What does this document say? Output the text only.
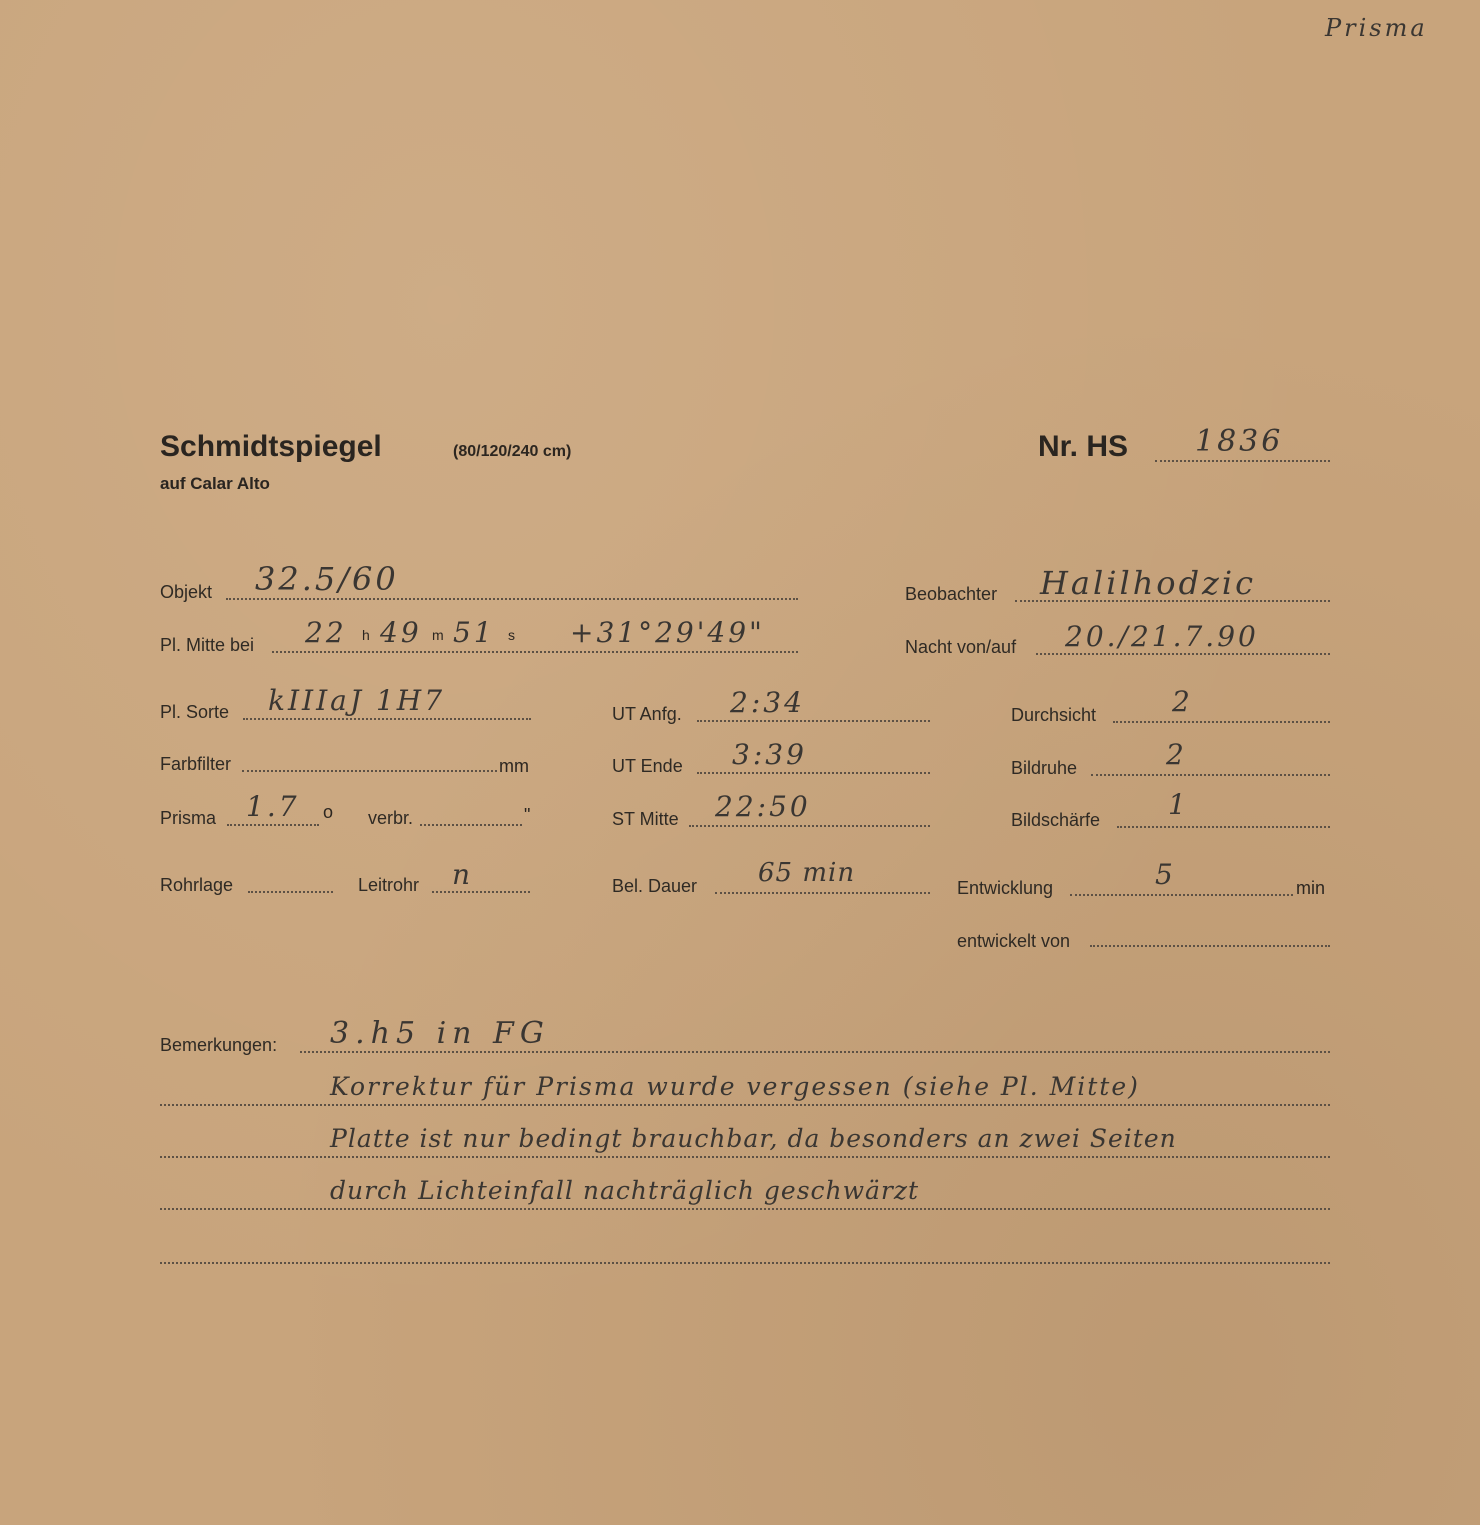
Prisma
Schmidtspiegel	(80/120/240 cm)
auf Calar Alto
Nr. HS 1836
Objekt 32.5/60	Beobachter Halilhodzic
Pl. Mitte bei 22 h 49 m 51 s +31°29'49"	Nacht von/auf 20./21.7.90
Pl. Sorte kIIIaJ 1H7	UT Anfg. 2:34	Durchsicht	2
Farbfilter	mm	UT Ende 3:39	Bildruhe	2
Prisma 1.7 o verbr.	"	ST Mitte 22:50	Bildschärfe 1
Rohrlage	Leitrohr n	Bel. Dauer 65 min	Entwicklung	5	min
entwickelt von
Bemerkungen: 3.h5 in FG
Korrektur für Prisma wurde vergessen (siehe Pl. Mitte)
Platte ist nur bedingt brauchbar, da besonders an zwei Seiten
durch Lichteinfall nachträglich geschwärzt
